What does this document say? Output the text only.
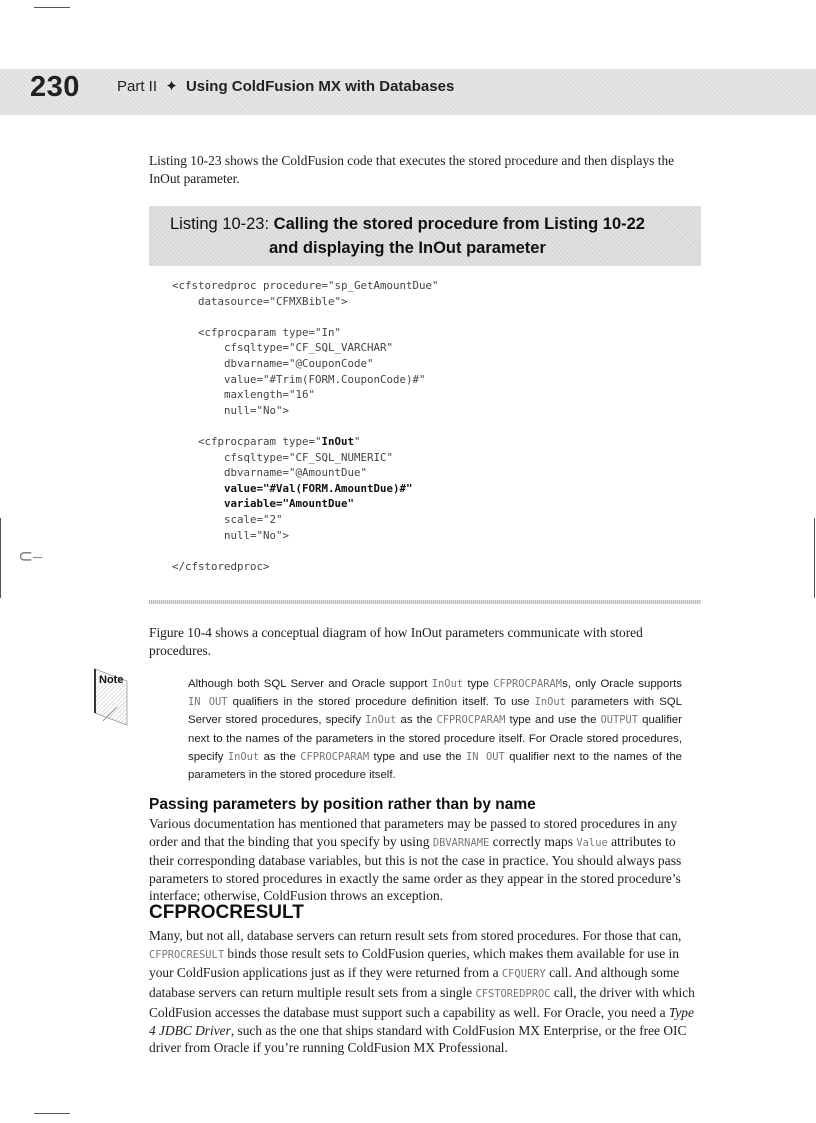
⊂–
230 Part II ✦ Using ColdFusion MX with Databases
Listing 10-23 shows the ColdFusion code that executes the stored procedure and then displays the InOut parameter.
Listing 10-23: Calling the stored procedure from Listing 10-22
and displaying the InOut parameter
<cfstoredproc procedure="sp_GetAmountDue"
datasource="CFMXBible">
<cfprocparam type="In"
cfsqltype="CF_SQL_VARCHAR"
dbvarname="@CouponCode"
value="#Trim(FORM.CouponCode)#"
maxlength="16"
null="No">
<cfprocparam type="InOut"
cfsqltype="CF_SQL_NUMERIC"
dbvarname="@AmountDue"
value="#Val(FORM.AmountDue)#"
variable="AmountDue"
scale="2"
null="No">
</cfstoredproc>
Figure 10-4 shows a conceptual diagram of how InOut parameters communicate with stored procedures.
Note	Although both SQL Server and Oracle support InOut type CFPROCPARAMs, only Oracle supports IN OUT qualifiers in the stored procedure definition itself. To use InOut parameters with SQL Server stored procedures, specify InOut as the CFPROCPARAM type and use the OUTPUT qualifier next to the names of the parameters in the stored procedure itself. For Oracle stored procedures, specify InOut as the CFPROCPARAM type and use the IN OUT qualifier next to the names of the parameters in the stored procedure itself.
Passing parameters by position rather than by name
Various documentation has mentioned that parameters may be passed to stored procedures in any order and that the binding that you specify by using DBVARNAME correctly maps Value attributes to their corresponding database variables, but this is not the case in practice. You should always pass parameters to stored procedures in exactly the same order as they appear in the stored procedure’s interface; otherwise, ColdFusion throws an exception.
CFPROCRESULT
Many, but not all, database servers can return result sets from stored procedures. For those that can, CFPROCRESULT binds those result sets to ColdFusion queries, which makes them available for use in your ColdFusion applications just as if they were returned from a CFQUERY call. And although some database servers can return multiple result sets from a single CFSTOREDPROC call, the driver with which ColdFusion accesses the database must support such a capability as well. For Oracle, you need a Type 4 JDBC Driver, such as the one that ships standard with ColdFusion MX Enterprise, or the free OIC driver from Oracle if you’re running ColdFusion MX Professional.
